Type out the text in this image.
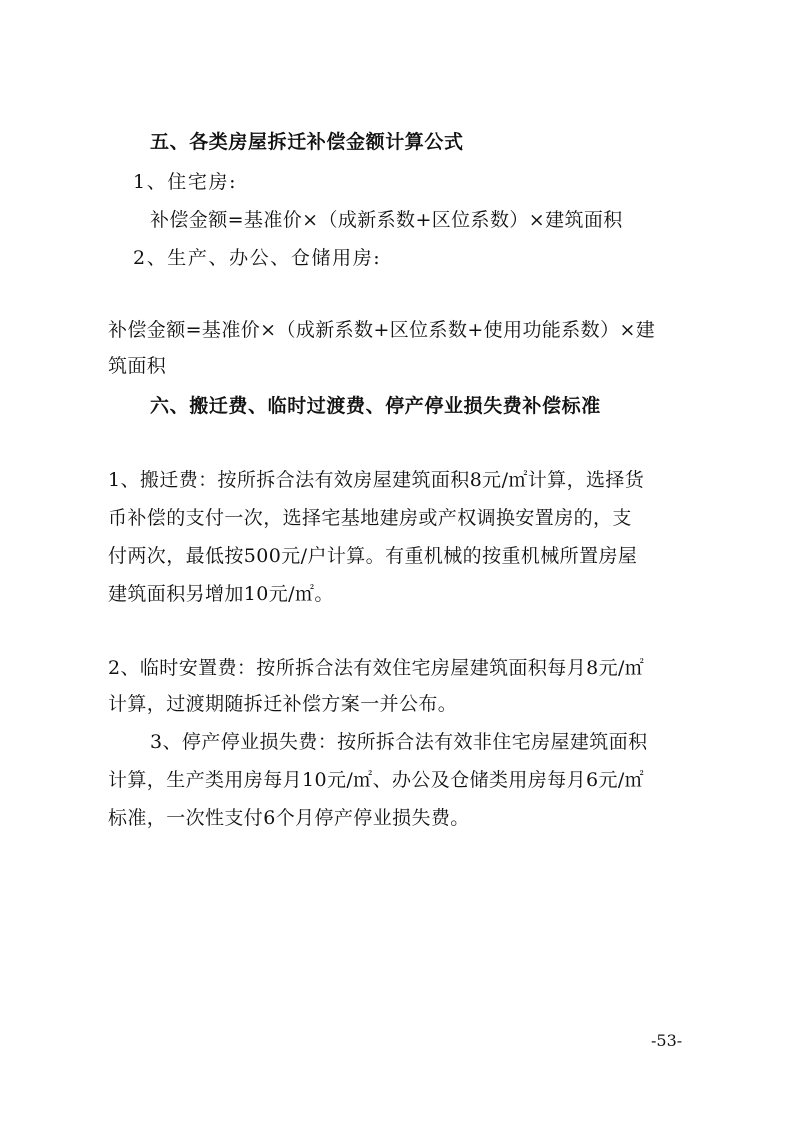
五、各类房屋拆迁补偿金额计算公式
1、住宅房:
补偿金额=基准价×（成新系数+区位系数）×建筑面积
2、生产、办公、仓储用房:
补偿金额=基准价×（成新系数+区位系数+使用功能系数）×建
筑面积
六、搬迁费、临时过渡费、停产停业损失费补偿标准
1、搬迁费：按所拆合法有效房屋建筑面积8元/㎡计算，选择货
币补偿的支付一次，选择宅基地建房或产权调换安置房的，支
付两次，最低按500元/户计算。有重机械的按重机械所置房屋
建筑面积另增加10元/㎡。
2、临时安置费：按所拆合法有效住宅房屋建筑面积每月8元/㎡
计算，过渡期随拆迁补偿方案一并公布。
3、停产停业损失费：按所拆合法有效非住宅房屋建筑面积
计算，生产类用房每月10元/㎡、办公及仓储类用房每月6元/㎡
标准，一次性支付6个月停产停业损失费。
-53-
